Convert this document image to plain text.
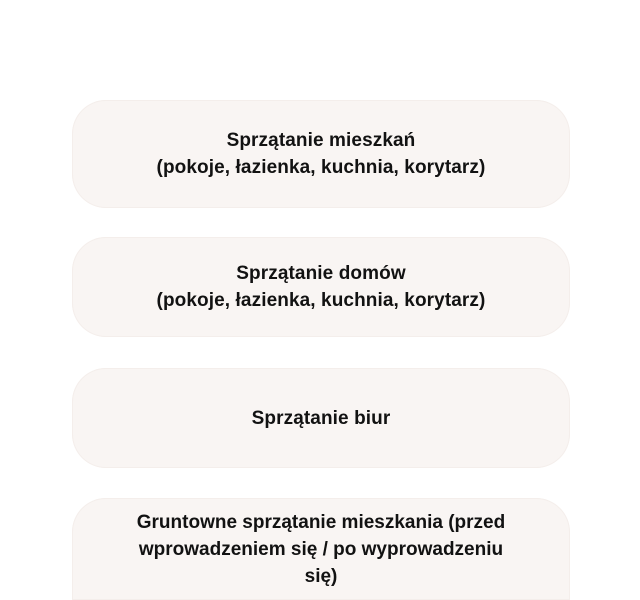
Sprzątanie mieszkań
(pokoje, łazienka, kuchnia, korytarz)
Sprzątanie domów
(pokoje, łazienka, kuchnia, korytarz)
Sprzątanie biur
Gruntowne sprzątanie mieszkania (przed wprowadzeniem się / po wyprowadzeniu się)
